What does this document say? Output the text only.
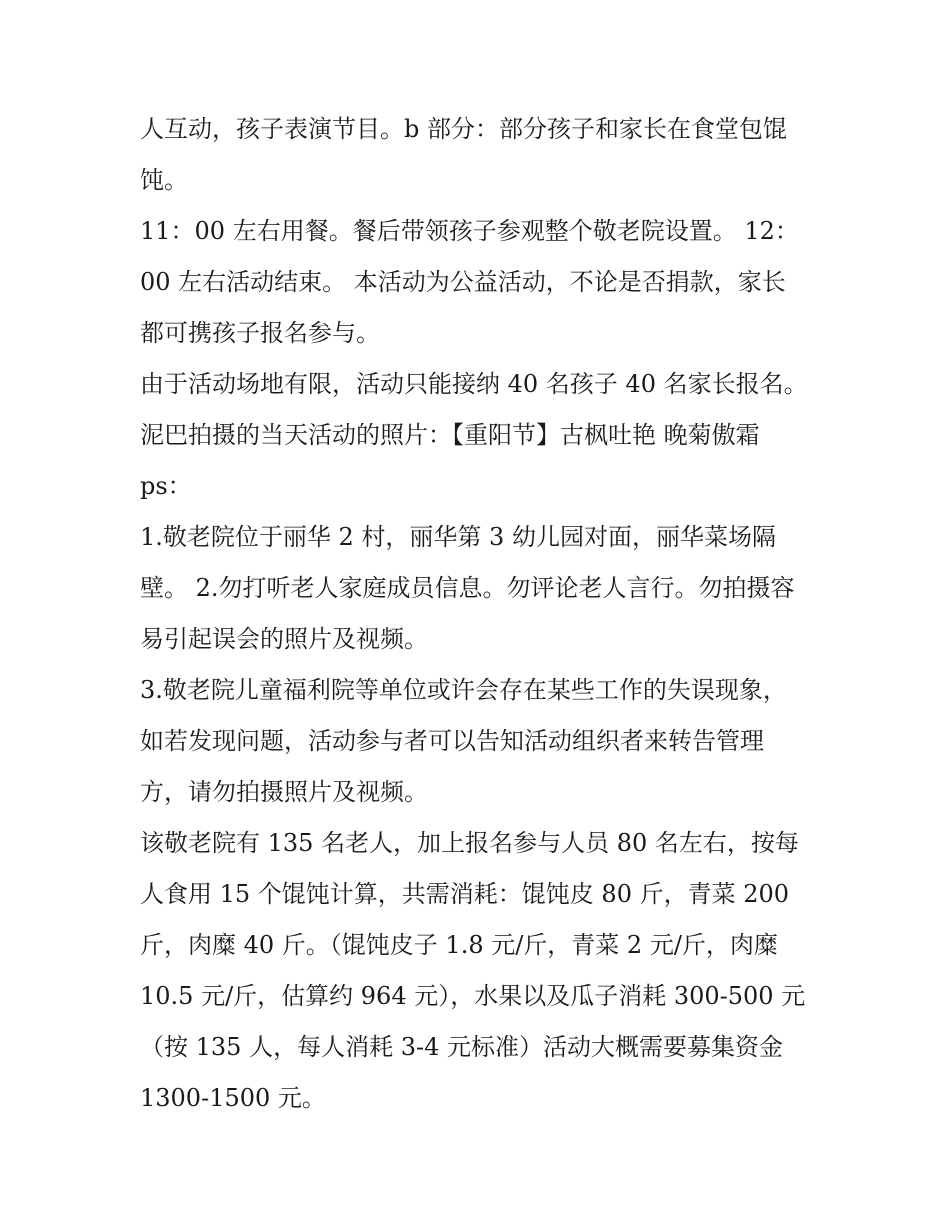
人互动，孩子表演节目。b 部分：部分孩子和家长在食堂包馄
饨。
11：00 左右用餐。餐后带领孩子参观整个敬老院设置。 12：
00 左右活动结束。 本活动为公益活动，不论是否捐款，家长
都可携孩子报名参与。
由于活动场地有限，活动只能接纳 40 名孩子 40 名家长报名。
泥巴拍摄的当天活动的照片：【重阳节】古枫吐艳 晚菊傲霜
ps：
1.敬老院位于丽华 2 村，丽华第 3 幼儿园对面，丽华菜场隔
壁。 2.勿打听老人家庭成员信息。勿评论老人言行。勿拍摄容
易引起误会的照片及视频。
3.敬老院儿童福利院等单位或许会存在某些工作的失误现象，
如若发现问题，活动参与者可以告知活动组织者来转告管理
方，请勿拍摄照片及视频。
该敬老院有 135 名老人，加上报名参与人员 80 名左右，按每
人食用 15 个馄饨计算，共需消耗：馄饨皮 80 斤，青菜 200
斤，肉糜 40 斤。（馄饨皮子 1.8 元/斤，青菜 2 元/斤，肉糜
10.5 元/斤，估算约 964 元），水果以及瓜子消耗 300-500 元
（按 135 人，每人消耗 3-4 元标准）活动大概需要募集资金
1300-1500 元。
